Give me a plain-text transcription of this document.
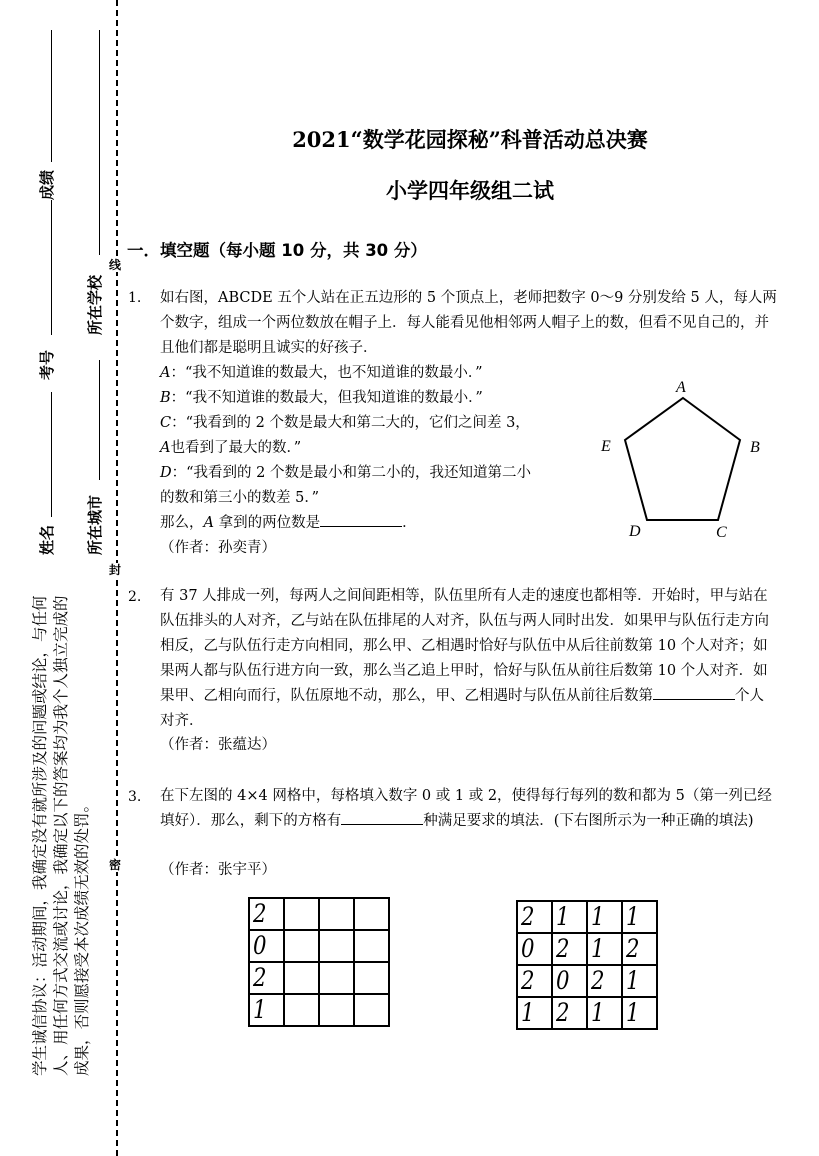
线
封
密
成绩
所在学校
考号
姓名 所在城市
学生诚信协议：活动期间，我确定没有就所涉及的问题或结论，与任何人、用任何方式交流或讨论，我确定以下的答案均为我个人独立完成的成果，否则愿接受本次成绩无效的处罚。
2021“数学花园探秘”科普活动总决赛
小学四年级组二试
一．填空题（每小题 10 分，共 30 分）
1. 如右图，ABCDE 五个人站在正五边形的 5 个顶点上，老师把数字 0～9 分别发给 5 人，每人两个数字，组成一个两位数放在帽子上．每人能看见他相邻两人帽子上的数，但看不见自己的，并且他们都是聪明且诚实的好孩子．
A：“我不知道谁的数最大，也不知道谁的数最小．”
B：“我不知道谁的数最大，但我知道谁的数最小．”
C：“我看到的 2 个数是最大和第二大的，它们之间差 3，
A也看到了最大的数．”
D：“我看到的 2 个数是最小和第二小的，我还知道第二小
的数和第三小的数差 5．”
那么，A 拿到的两位数是	．
（作者：孙奕青）
A
B
C
D
E
2. 有 37 人排成一列，每两人之间间距相等，队伍里所有人走的速度也都相等．开始时，甲与站在队伍排头的人对齐，乙与站在队伍排尾的人对齐，队伍与两人同时出发．如果甲与队伍行走方向相反，乙与队伍行走方向相同，那么甲、乙相遇时恰好与队伍中从后往前数第 10 个人对齐；如果两人都与队伍行进方向一致，那么当乙追上甲时，恰好与队伍从前往后数第 10 个人对齐．如果甲、乙相向而行，队伍原地不动，那么，甲、乙相遇时与队伍从前往后数第	个人对齐．
（作者：张蕴达）
3. 在下左图的 4×4 网格中，每格填入数字 0 或 1 或 2，使得每行每列的数和都为 5（第一列已经填好）．那么，剩下的方格有	种满足要求的填法．(下右图所示为一种正确的填法)
（作者：张宇平）
2			

0			

2			

1			

2	1	1	1

0	2	1	2

2	0	2	1

1	2	1	1
